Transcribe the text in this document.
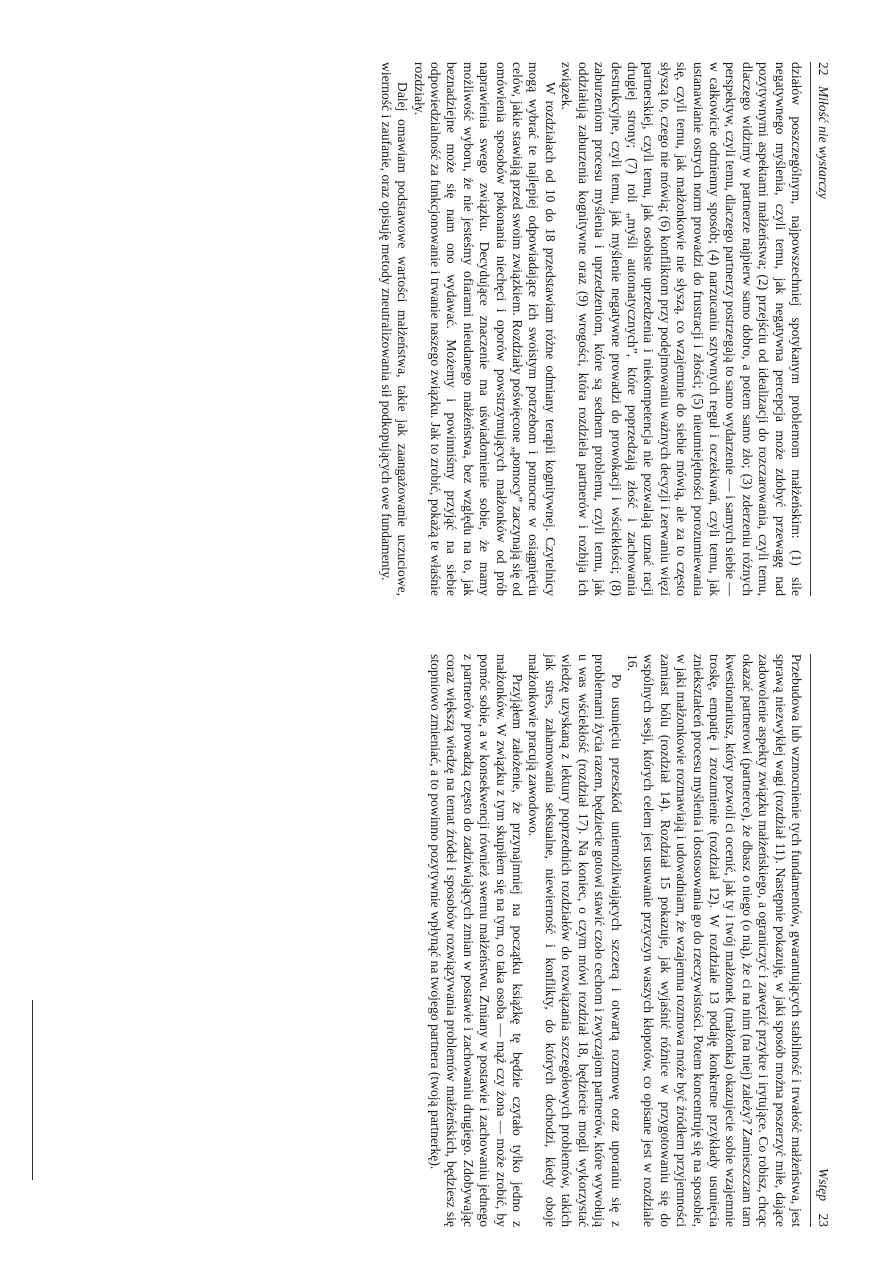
22
Miłość nie wystarczy

działów poszczególnym, najpowszechniej spotykanym problemom małżeńskim: (1) sile negatywnego myślenia, czyli temu, jak negatywna percepcja może zdobyć przewagę nad pozytywnymi aspektami małżeństwa; (2) przejściu od idealizacji do rozczarowania, czyli temu, dlaczego widzimy w partnerze najpierw samo dobro, a potem samo zło; (3) zderzeniu różnych perspektyw, czyli temu, dlaczego partnerzy postrzegają to samo wydarzenie — i samych siebie — w całkowicie odmienny sposób; (4) narzucaniu sztywnych reguł i oczekiwań, czyli temu, jak ustanawianie ostrych norm prowadzi do frustracji i złości; (5) nieumiejętności porozumiewania się, czyli temu, jak małżonkowie nie słyszą, co wzajemnie do siebie mówią, ale za to często słyszą to, czego nie mówią; (6) konfliktom przy podejmowaniu ważnych decyzji i zerwaniu więzi partnerskiej, czyli temu, jak osobiste uprzedzenia i niekompetencja nie pozwalają uznać racji drugiej strony; (7) roli „myśli automatycznych”, które poprzedzają złość i zachowania destrukcyjne, czyli temu, jak myślenie negatywne prowadzi do prowokacji i wściekłości; (8) zaburzeniom procesu myślenia i uprzedzeniom, które są sednem problemu, czyli temu, jak oddziałują zaburzenia kognitywne oraz (9) wrogości, która rozdziela partnerów i rozbija ich związek.

W rozdziałach od 10 do 18 przedstawiam różne odmiany terapii kognitywnej. Czytelnicy mogą wybrać te najlepiej odpowiadające ich swoistym potrzebom i pomocne w osiągnięciu celów, jakie stawiają przed swoim związkiem. Rozdziały poświęcone „pomocy” zaczynają się od omówienia sposobów pokonania niechęci i oporów powstrzymujących małżonków od prób naprawienia swego związku. Decydujące znaczenie ma uświadomienie sobie, że mamy możliwość wyboru, że nie jesteśmy ofiarami nieudanego małżeństwa, bez względu na to, jak beznadziejne może się nam ono wydawać. Możemy i powinniśmy przyjąć na siebie odpowiedzialność za funkcjonowanie i trwanie naszego związku. Jak to zrobić, pokażą te właśnie rozdziały.

Dalej omawiam podstawowe wartości małżeństwa, takie jak zaangażowanie uczuciowe, wierność i zaufanie, oraz opisuję metody zneutralizowania sił podkopujących owe fundamenty.

Wstęp
23

Przebudowa lub wzmocnienie tych fundamentów, gwarantujących stabilność i trwałość małżeństwa, jest sprawą niezwykłej wagi (rozdział 11). Następnie pokazuję, w jaki sposób można poszerzyć miłe, dające zadowolenie aspekty związku małżeńskiego, a ograniczyć i zawęzić przykre i irytujące. Co robisz, chcąc okazać partnerowi (partnerce), że dbasz o niego (o nią), że ci na nim (na niej) zależy? Zamieszczam tam kwestionariusz, który pozwoli ci ocenić, jak ty i twój małżonek (małżonka) okazujecie sobie wzajemnie troskę, empatię i zrozumienie (rozdział 12). W rozdziale 13 podaję konkretne przykłady usunięcia zniekształceń procesu myślenia i dostosowania go do rzeczywistości. Potem koncentruję się na sposobie, w jaki małżonkowie rozmawiają i udowadniam, że wzajemna rozmowa może być źródłem przyjemności zamiast bólu (rozdział 14). Rozdział 15 pokazuje, jak wyjaśnić różnice w przygotowaniu się do wspólnych sesji, których celem jest usuwanie przyczyn waszych kłopotów, co opisane jest w rozdziale 16.

Po usunięciu przeszkód uniemożliwiających szczerą i otwartą rozmowę oraz uporaniu się z problemami życia razem, będziecie gotowi stawić czoło cechom i zwyczajom partnerów, które wywołują u was wściekłość (rozdział 17). Na koniec, o czym mówi rozdział 18, będziecie mogli wykorzystać wiedzę uzyskaną z lektury poprzednich rozdziałów do rozwiązania szczegółowych problemów, takich jak stres, zahamowania seksualne, niewierność i konflikty, do których dochodzi, kiedy oboje małżonkowie pracują zawodowo.

Przyjąłem założenie, że przynajmniej na początku książkę tę będzie czytało tylko jedno z małżonków. W związku z tym skupiłem się na tym, co taka osoba — mąż czy żona — może zrobić, by pomóc sobie, a w konsekwencji również swemu małżeństwu. Zmiany w postawie i zachowaniu jednego z partnerów prowadzą często do zadziwiających zmian w postawie i zachowaniu drugiego. Zdobywając coraz większą wiedzę na temat źródeł i sposobów rozwiązywania problemów małżeńskich, będziesz się stopniowo zmieniać, a to powinno pozytywnie wpłynąć na twojego partnera (twoją partnerkę).
